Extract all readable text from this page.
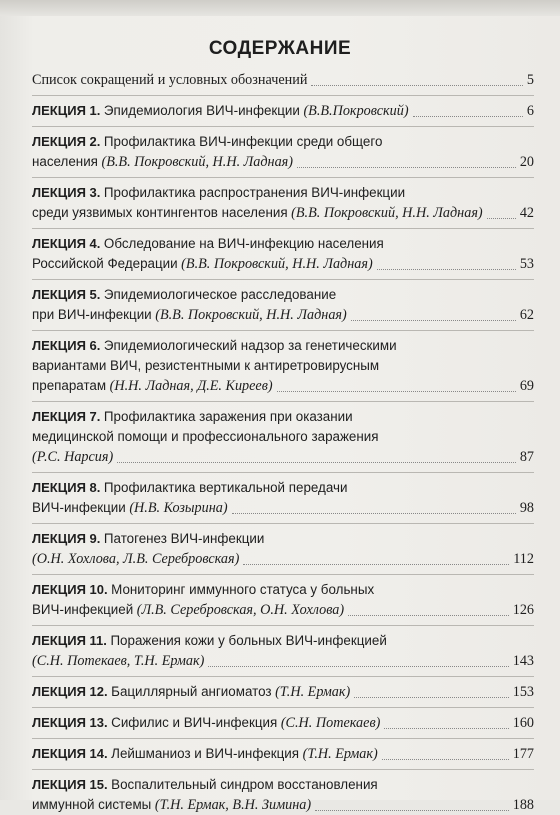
СОДЕРЖАНИЕ
Список сокращений и условных обозначений	5
ЛЕКЦИЯ 1. Эпидемиология ВИЧ-инфекции (В.В.Покровский)	6
ЛЕКЦИЯ 2. Профилактика ВИЧ-инфекции среди общего
населения (В.В. Покровский, Н.Н. Ладная)	20
ЛЕКЦИЯ 3. Профилактика распространения ВИЧ-инфекции
среди уязвимых контингентов населения (В.В. Покровский, Н.Н. Ладная)	42
ЛЕКЦИЯ 4. Обследование на ВИЧ-инфекцию населения
Российской Федерации (В.В. Покровский, Н.Н. Ладная)	53
ЛЕКЦИЯ 5. Эпидемиологическое расследование
при ВИЧ-инфекции (В.В. Покровский, Н.Н. Ладная)	62
ЛЕКЦИЯ 6. Эпидемиологический надзор за генетическими
вариантами ВИЧ, резистентными к антиретровирусным
препаратам (Н.Н. Ладная, Д.Е. Киреев)	69
ЛЕКЦИЯ 7. Профилактика заражения при оказании
медицинской помощи и профессионального заражения
(Р.С. Нарсия)	87
ЛЕКЦИЯ 8. Профилактика вертикальной передачи
ВИЧ-инфекции (Н.В. Козырина)	98
ЛЕКЦИЯ 9. Патогенез ВИЧ-инфекции
(О.Н. Хохлова, Л.В. Серебровская)	112
ЛЕКЦИЯ 10. Мониторинг иммунного статуса у больных
ВИЧ-инфекцией (Л.В. Серебровская, О.Н. Хохлова)	126
ЛЕКЦИЯ 11. Поражения кожи у больных ВИЧ-инфекцией
(С.Н. Потекаев, Т.Н. Ермак)	143
ЛЕКЦИЯ 12. Бациллярный ангиоматоз (Т.Н. Ермак)	153
ЛЕКЦИЯ 13. Сифилис и ВИЧ-инфекция (С.Н. Потекаев)	160
ЛЕКЦИЯ 14. Лейшманиоз и ВИЧ-инфекция (Т.Н. Ермак)	177
ЛЕКЦИЯ 15. Воспалительный синдром восстановления
иммунной системы (Т.Н. Ермак, В.Н. Зимина)	188
